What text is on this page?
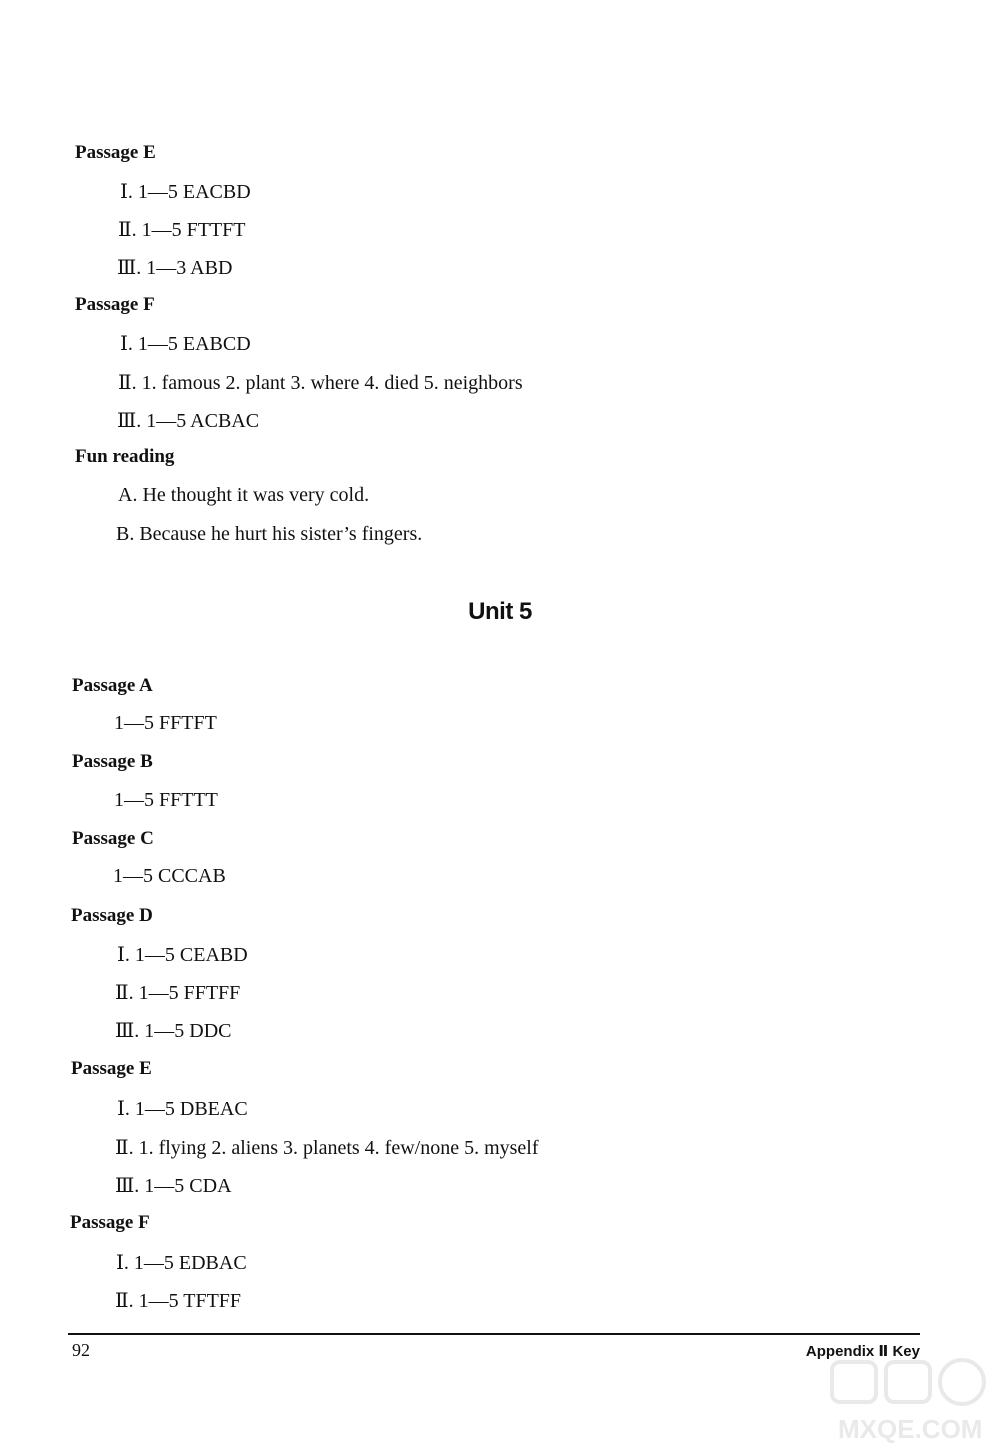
92	Appendix Ⅱ Key
MXQE.COM
Passage E
Ⅰ. 1—5 EACBD
Ⅱ. 1—5 FTTFT
Ⅲ. 1—3 ABD
Passage F
Ⅰ. 1—5 EABCD
Ⅱ. 1. famous 2. plant 3. where 4. died 5. neighbors
Ⅲ. 1—5 ACBAC
Fun reading
A. He thought it was very cold.
B. Because he hurt his sister’s fingers.
Unit 5
Passage A
1—5 FFTFT
Passage B
1—5 FFTTT
Passage C
1—5 CCCAB
Passage D
Ⅰ. 1—5 CEABD
Ⅱ. 1—5 FFTFF
Ⅲ. 1—5 DDC
Passage E
Ⅰ. 1—5 DBEAC
Ⅱ. 1. flying 2. aliens 3. planets 4. few/none 5. myself
Ⅲ. 1—5 CDA
Passage F
Ⅰ. 1—5 EDBAC
Ⅱ. 1—5 TFTFF
